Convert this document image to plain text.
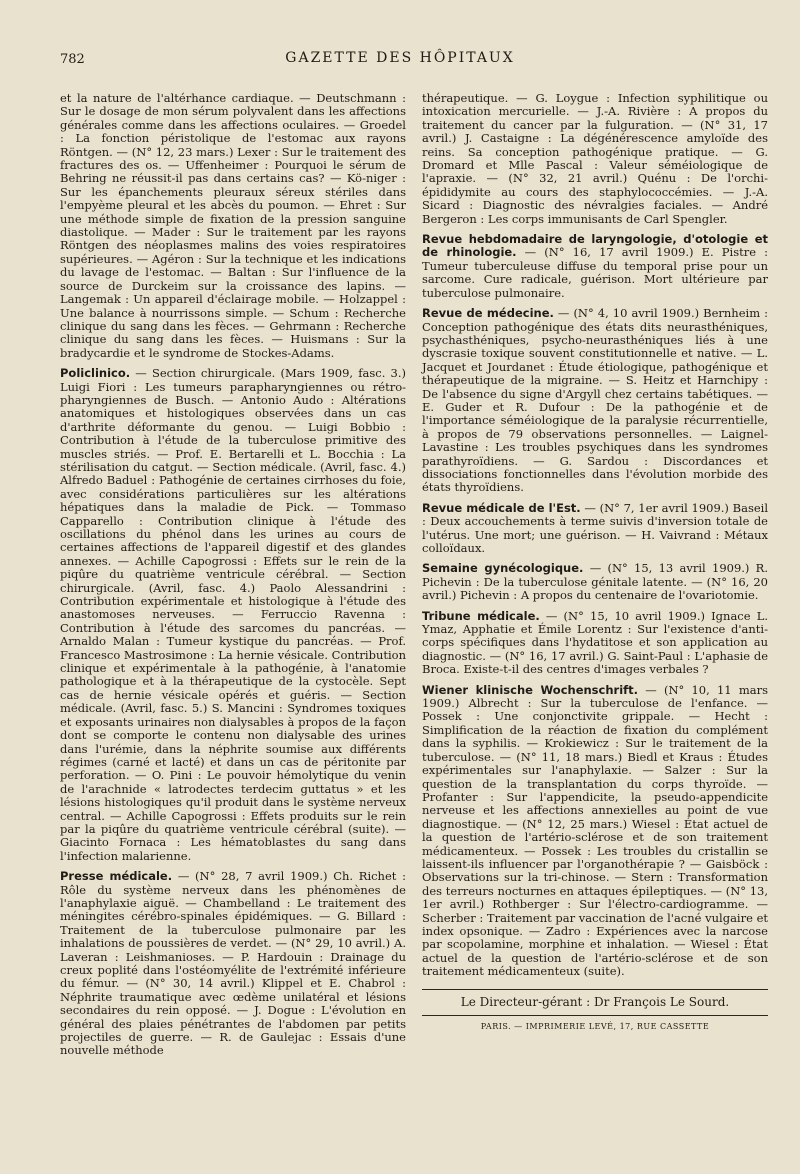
782	GAZETTE DES HÔPITAUX

et la nature de l'altérhance cardiaque. — Deutschmann : Sur le dosage de mon sérum polyvalent dans les affections générales comme dans les affections oculaires. — Groedel : La fonction péristolique de l'estomac aux rayons Röntgen. — (N° 12, 23 mars.) Lexer : Sur le traitement des fractures des os. — Uffenheimer : Pourquoi le sérum de Behring ne réussit-il pas dans certains cas? — Kö-niger : Sur les épanchements pleuraux séreux stériles dans l'empyème pleural et les abcès du poumon. — Ehret : Sur une méthode simple de fixation de la pression sanguine diastolique. — Mader : Sur le traitement par les rayons Röntgen des néoplasmes malins des voies respiratoires supérieures. — Agéron : Sur la technique et les indications du lavage de l'estomac. — Baltan : Sur l'influence de la source de Durckeim sur la croissance des lapins. — Langemak : Un appareil d'éclairage mobile. — Holzappel : Une balance à nourrissons simple. — Schum : Recherche clinique du sang dans les fèces. — Gehrmann : Recherche clinique du sang dans les fèces. — Huismans : Sur la bradycardie et le syndrome de Stockes-Adams.

Policlinico. — Section chirurgicale. (Mars 1909, fasc. 3.) Luigi Fiori : Les tumeurs parapharyngiennes ou rétro-pharyngiennes de Busch. — Antonio Audo : Altérations anatomiques et histologiques observées dans un cas d'arthrite déformante du genou. — Luigi Bobbio : Contribution à l'étude de la tuberculose primitive des muscles striés. — Prof. E. Bertarelli et L. Bocchia : La stérilisation du catgut. — Section médicale. (Avril, fasc. 4.) Alfredo Baduel : Pathogénie de certaines cirrhoses du foie, avec considérations particulières sur les altérations hépatiques dans la maladie de Pick. — Tommaso Capparello : Contribution clinique à l'étude des oscillations du phénol dans les urines au cours de certaines affections de l'appareil digestif et des glandes annexes. — Achille Capogrossi : Effets sur le rein de la piqûre du quatrième ventricule cérébral. — Section chirurgicale. (Avril, fasc. 4.) Paolo Alessandrini : Contribution expérimentale et histologique à l'étude des anastomoses nerveuses. — Ferruccio Ravenna : Contribution à l'étude des sarcomes du pancréas. — Arnaldo Malan : Tumeur kystique du pancréas. — Prof. Francesco Mastrosimone : La hernie vésicale. Contribution clinique et expérimentale à la pathogénie, à l'anatomie pathologique et à la thérapeutique de la cystocèle. Sept cas de hernie vésicale opérés et guéris. — Section médicale. (Avril, fasc. 5.) S. Mancini : Syndromes toxiques et exposants urinaires non dialysables à propos de la façon dont se comporte le contenu non dialysable des urines dans l'urémie, dans la néphrite soumise aux différents régimes (carné et lacté) et dans un cas de péritonite par perforation. — O. Pini : Le pouvoir hémolytique du venin de l'arachnide « latrodectes terdecim guttatus » et les lésions histologiques qu'il produit dans le système nerveux central. — Achille Capogrossi : Effets produits sur le rein par la piqûre du quatrième ventricule cérébral (suite). — Giacinto Fornaca : Les hématoblastes du sang dans l'infection malarienne.

Presse médicale. — (N° 28, 7 avril 1909.) Ch. Richet : Rôle du système nerveux dans les phénomènes de l'anaphylaxie aiguë. — Chambelland : Le traitement des méningites cérébro-spinales épidémiques. — G. Billard : Traitement de la tuberculose pulmonaire par les inhalations de poussières de verdet. — (N° 29, 10 avril.) A. Laveran : Leishmanioses. — P. Hardouin : Drainage du creux poplité dans l'ostéomyélite de l'extrémité inférieure du fémur. — (N° 30, 14 avril.) Klippel et E. Chabrol : Néphrite traumatique avec œdème unilatéral et lésions secondaires du rein opposé. — J. Dogue : L'évolution en général des plaies pénétrantes de l'abdomen par petits projectiles de guerre. — R. de Gaulejac : Essais d'une nouvelle méthode

thérapeutique. — G. Loygue : Infection syphilitique ou intoxication mercurielle. — J.-A. Rivière : A propos du traitement du cancer par la fulguration. — (N° 31, 17 avril.) J. Castaigne : La dégénérescence amyloïde des reins. Sa conception pathogénique pratique. — G. Dromard et Mlle Pascal : Valeur séméiologique de l'apraxie. — (N° 32, 21 avril.) Quénu : De l'orchi-épididymite au cours des staphylococcémies. — J.-A. Sicard : Diagnostic des névralgies faciales. — André Bergeron : Les corps immunisants de Carl Spengler.

Revue hebdomadaire de laryngologie, d'otologie et de rhinologie. — (N° 16, 17 avril 1909.) E. Pistre : Tumeur tuberculeuse diffuse du temporal prise pour un sarcome. Cure radicale, guérison. Mort ultérieure par tuberculose pulmonaire.

Revue de médecine. — (N° 4, 10 avril 1909.) Bernheim : Conception pathogénique des états dits neurasthéniques, psychasthéniques, psycho-neurasthéniques liés à une dyscrasie toxique souvent constitutionnelle et native. — L. Jacquet et Jourdanet : Étude étiologique, pathogénique et thérapeutique de la migraine. — S. Heitz et Harnchipy : De l'absence du signe d'Argyll chez certains tabétiques. — E. Guder et R. Dufour : De la pathogénie et de l'importance séméiologique de la paralysie récurrentielle, à propos de 79 observations personnelles. — Laignel-Lavastine : Les troubles psychiques dans les syndromes parathyroïdiens. — G. Sardou : Discordances et dissociations fonctionnelles dans l'évolution morbide des états thyroïdiens.

Revue médicale de l'Est. — (N° 7, 1er avril 1909.) Baseil : Deux accouchements à terme suivis d'inversion totale de l'utérus. Une mort; une guérison. — H. Vaivrand : Métaux colloïdaux.

Semaine gynécologique. — (N° 15, 13 avril 1909.) R. Pichevin : De la tuberculose génitale latente. — (N° 16, 20 avril.) Pichevin : A propos du centenaire de l'ovariotomie.

Tribune médicale. — (N° 15, 10 avril 1909.) Ignace L. Ymaz, Apphatie et Émile Lorentz : Sur l'existence d'anti-corps spécifiques dans l'hydatitose et son application au diagnostic. — (N° 16, 17 avril.) G. Saint-Paul : L'aphasie de Broca. Existe-t-il des centres d'images verbales ?

Wiener klinische Wochenschrift. — (N° 10, 11 mars 1909.) Albrecht : Sur la tuberculose de l'enfance. — Possek : Une conjonctivite grippale. — Hecht : Simplification de la réaction de fixation du complément dans la syphilis. — Krokiewicz : Sur le traitement de la tuberculose. — (N° 11, 18 mars.) Biedl et Kraus : Études expérimentales sur l'anaphylaxie. — Salzer : Sur la question de la transplantation du corps thyroïde. — Profanter : Sur l'appendicite, la pseudo-appendicite nerveuse et les affections annexielles au point de vue diagnostique. — (N° 12, 25 mars.) Wiesel : État actuel de la question de l'artério-sclérose et de son traitement médicamenteux. — Possek : Les troubles du cristallin se laissent-ils influencer par l'organothérapie ? — Gaisböck : Observations sur la tri-chinose. — Stern : Transformation des terreurs nocturnes en attaques épileptiques. — (N° 13, 1er avril.) Rothberger : Sur l'électro-cardiogramme. — Scherber : Traitement par vaccination de l'acné vulgaire et index opsonique. — Zadro : Expériences avec la narcose par scopolamine, morphine et inhalation. — Wiesel : État actuel de la question de l'artério-sclérose et de son traitement médicamenteux (suite).

Le Directeur-gérant : Dr François Le Sourd.
PARIS. — IMPRIMERIE LEVÉ, 17, RUE CASSETTE
